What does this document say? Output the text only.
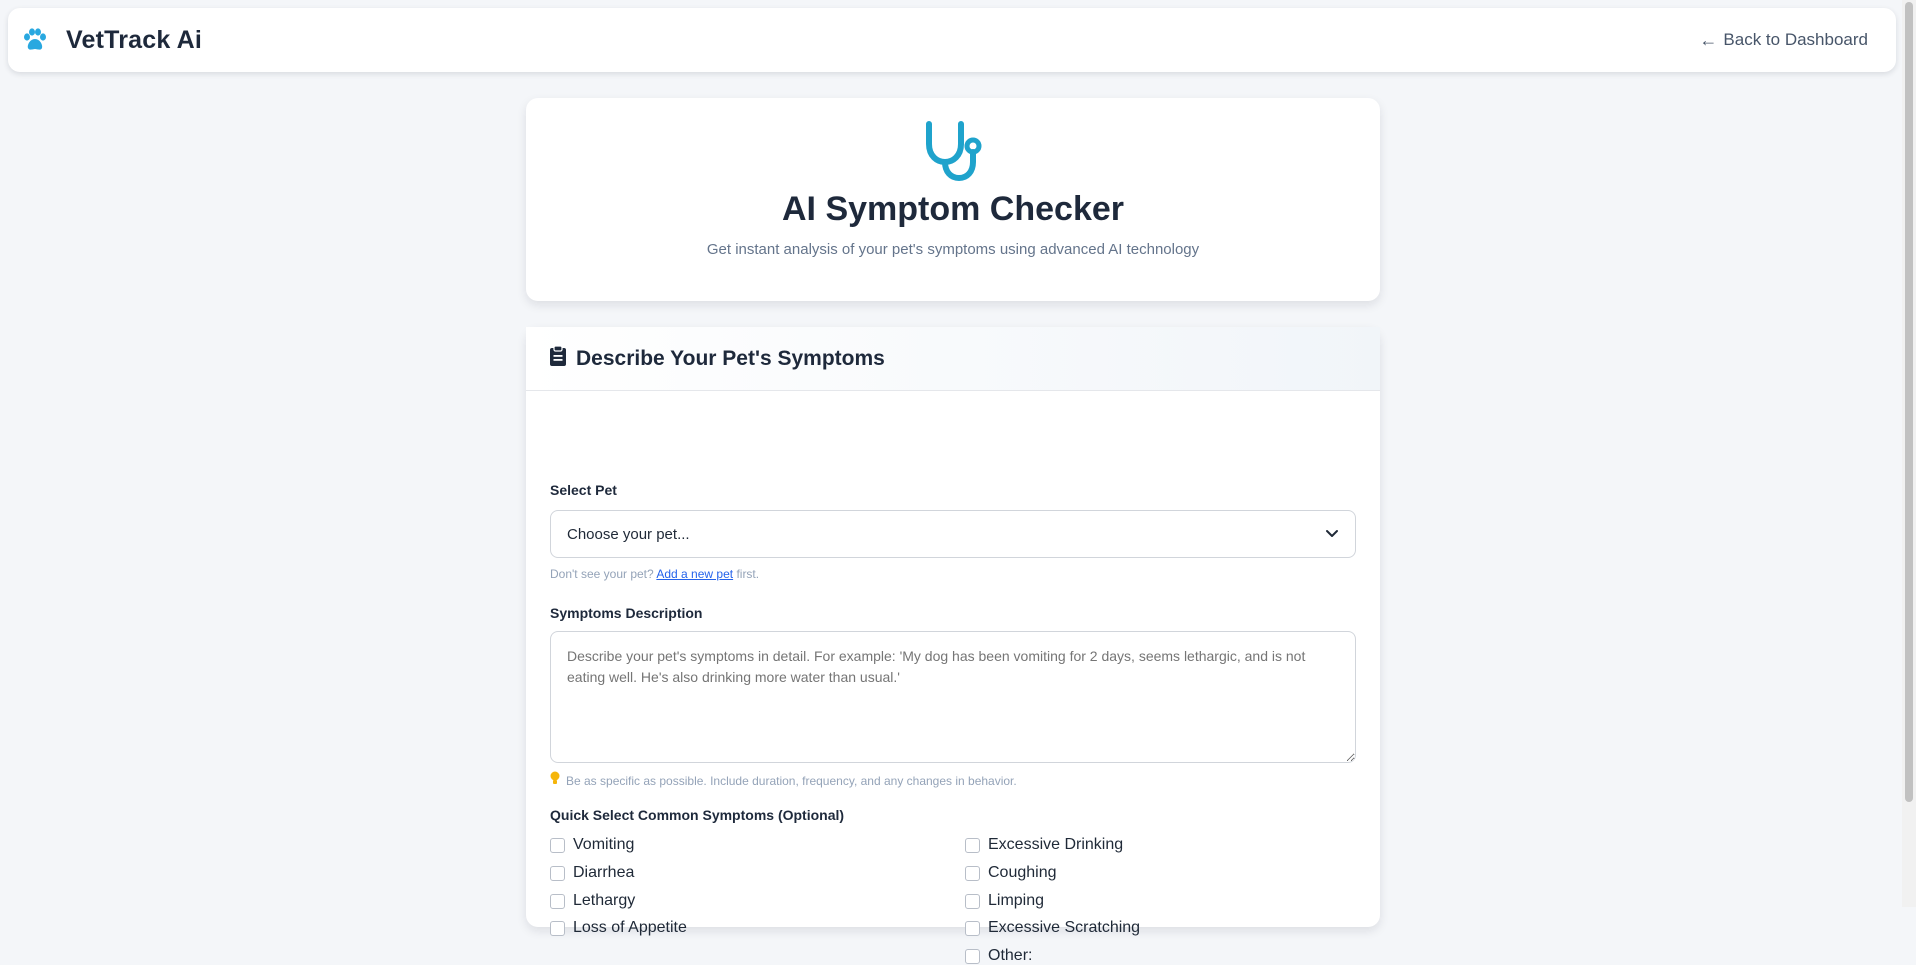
VetTrack Ai	← Back to Dashboard
AI Symptom Checker
Get instant analysis of your pet's symptoms using advanced AI technology
Describe Your Pet's Symptoms
Select Pet
Choose your pet...
Don't see your pet? Add a new pet first.
Symptoms Description
Describe your pet's symptoms in detail. For example: 'My dog has been vomiting for 2 days, seems lethargic, and is not eating well. He's also drinking more water than usual.'
Be as specific as possible. Include duration, frequency, and any changes in behavior.
Quick Select Common Symptoms (Optional)
Vomiting
Diarrhea
Lethargy
Loss of Appetite
Excessive Drinking
Coughing
Limping
Excessive Scratching
Other:
